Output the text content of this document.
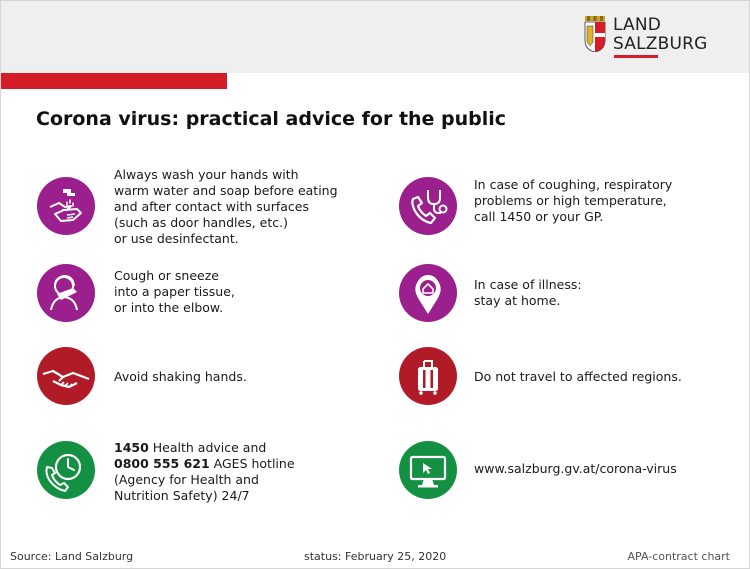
LAND
SALZBURG
Corona virus: practical advice for the public

Always wash your hands with
warm water and soap before eating
and after contact with surfaces
(such as door handles, etc.)
or use desinfectant.

In case of coughing, respiratory
problems or high temperature,
call 1450 or your GP.

Cough or sneeze
into a paper tissue,
or into the elbow.

In case of illness:
stay at home.

Avoid shaking hands.	Do not travel to affected regions.

1450 Health advice and
0800 555 621 AGES hotline
(Agency for Health and
Nutrition Safety) 24/7

www.salzburg.gv.at/corona-virus

Source: Land Salzburg	status: February 25, 2020	APA-contract chart
